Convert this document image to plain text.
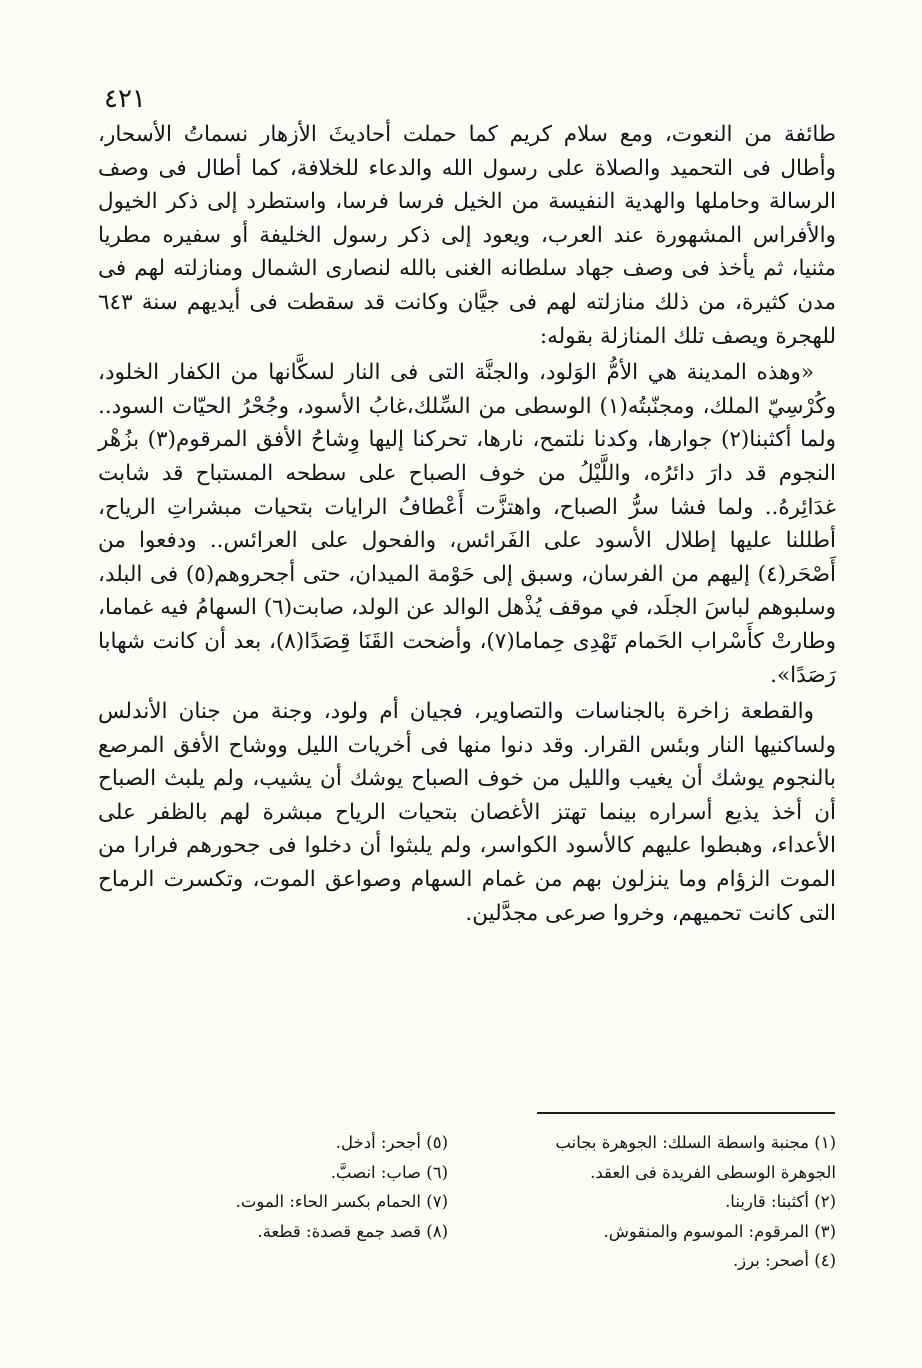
٤٢١

طائفة من النعوت، ومع سلام كريم كما حملت أحاديثَ الأزهار نسماتُ الأسحار، وأطال فى التحميد والصلاة على رسول الله والدعاء للخلافة، كما أطال فى وصف الرسالة وحاملها والهدية النفيسة من الخيل فرسا فرسا، واستطرد إلى ذكر الخيول والأفراس المشهورة عند العرب، ويعود إلى ذكر رسول الخليفة أو سفيره مطريا مثنيا، ثم يأخذ فى وصف جهاد سلطانه الغنى بالله لنصارى الشمال ومنازلته لهم فى مدن كثيرة، من ذلك منازلته لهم فى جيَّان وكانت قد سقطت فى أيديهم سنة ٦٤٣ للهجرة ويصف تلك المنازلة بقوله:

«وهذه المدينة هي الأمُّ الوَلود، والجنَّة التى فى النار لسكَّانها من الكفار الخلود، وكُرْسِيّ الملك، ومجنّبتُه(١) الوسطى من السِّلك،غابُ الأسود، وجُحْرُ الحيّات السود.. ولما أكثبنا(٢) جوارها، وكدنا نلتمح، نارها، تحركنا إليها وِشاحُ الأفق المرقوم(٣) بزُهْر النجوم قد دارَ دائرُه، واللَّيْلُ من خوف الصباح على سطحه المستباح قد شابت غدَائِرهُ.. ولما فشا سرُّ الصباح، واهتزَّت أَعْطافُ الرايات بتحيات مبشراتِ الرياح، أطللنا عليها إطلال الأسود على الفَرائس، والفحول على العرائس.. ودفعوا من أَصْحَر(٤) إليهم من الفرسان، وسبق إلى حَوْمة الميدان، حتى أجحروهم(٥) فى البلد، وسلبوهم لباسَ الجلَد، في موقف يُذْهل الوالد عن الولد، صابت(٦) السهامُ فيه غماما، وطارتْ كأَسْراب الحَمام تَهْدِى حِماما(٧)، وأضحت القَنَا قِصَدًا(٨)، بعد أن كانت شهابا رَصَدًا».

والقطعة زاخرة بالجناسات والتصاوير، فجيان أم ولود، وجنة من جنان الأندلس ولساكنيها النار وبئس القرار. وقد دنوا منها فى أخريات الليل ووشاح الأفق المرصع بالنجوم يوشك أن يغيب والليل من خوف الصباح يوشك أن يشيب، ولم يلبث الصباح أن أخذ يذيع أسراره بينما تهتز الأغصان بتحيات الرياح مبشرة لهم بالظفر على الأعداء، وهبطوا عليهم كالأسود الكواسر، ولم يلبثوا أن دخلوا فى جحورهم فرارا من الموت الزؤام وما ينزلون بهم من غمام السهام وصواعق الموت، وتكسرت الرماح التى كانت تحميهم، وخروا صرعى مجدَّلين.

(١) مجنبة واسطة السلك: الجوهرة بجانب الجوهرة الوسطى الفريدة فى العقد.
(٢) أكثبنا: قاربنا.
(٣) المرقوم: الموسوم والمنقوش.
(٤) أصحر: برز.
(٥) أجحر: أدخل.
(٦) صاب: انصبَّ.
(٧) الحمام بكسر الحاء: الموت.
(٨) قصد جمع قصدة: قطعة.
